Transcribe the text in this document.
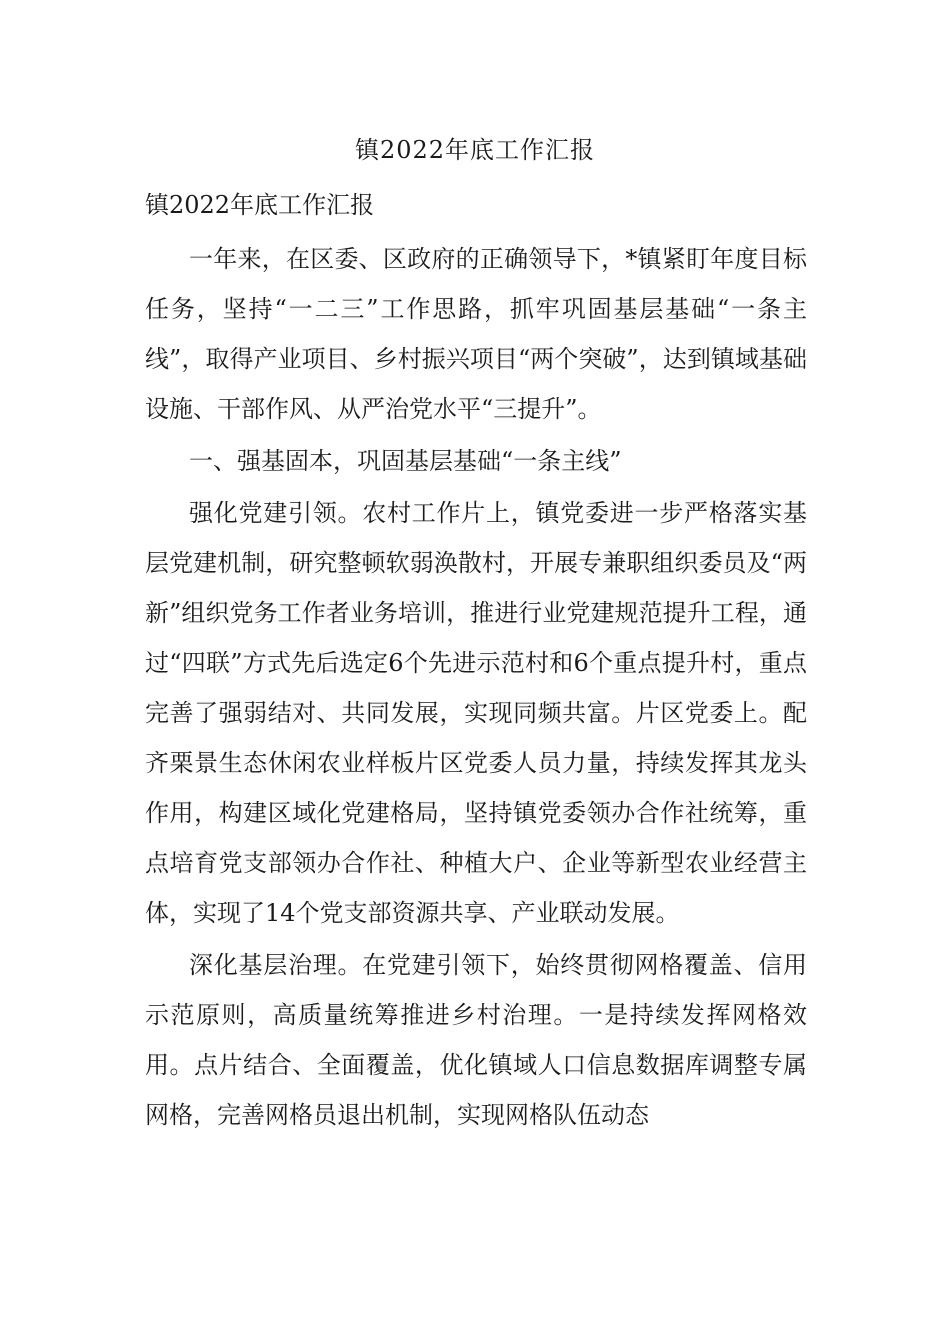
镇2022年底工作汇报

镇2022年底工作汇报

一年来，在区委、区政府的正确领导下，*镇紧盯年度目标任务，坚持“一二三”工作思路，抓牢巩固基层基础“一条主线”，取得产业项目、乡村振兴项目“两个突破”，达到镇域基础设施、干部作风、从严治党水平“三提升”。

一、强基固本，巩固基层基础“一条主线”

强化党建引领。农村工作片上，镇党委进一步严格落实基层党建机制，研究整顿软弱涣散村，开展专兼职组织委员及“两新”组织党务工作者业务培训，推进行业党建规范提升工程，通过“四联”方式先后选定6个先进示范村和6个重点提升村，重点完善了强弱结对、共同发展，实现同频共富。片区党委上。配齐栗景生态休闲农业样板片区党委人员力量，持续发挥其龙头作用，构建区域化党建格局，坚持镇党委领办合作社统筹，重点培育党支部领办合作社、种植大户、企业等新型农业经营主体，实现了14个党支部资源共享、产业联动发展。

深化基层治理。在党建引领下，始终贯彻网格覆盖、信用示范原则，高质量统筹推进乡村治理。一是持续发挥网格效用。点片结合、全面覆盖，优化镇域人口信息数据库调整专属网格，完善网格员退出机制，实现网格队伍动态
